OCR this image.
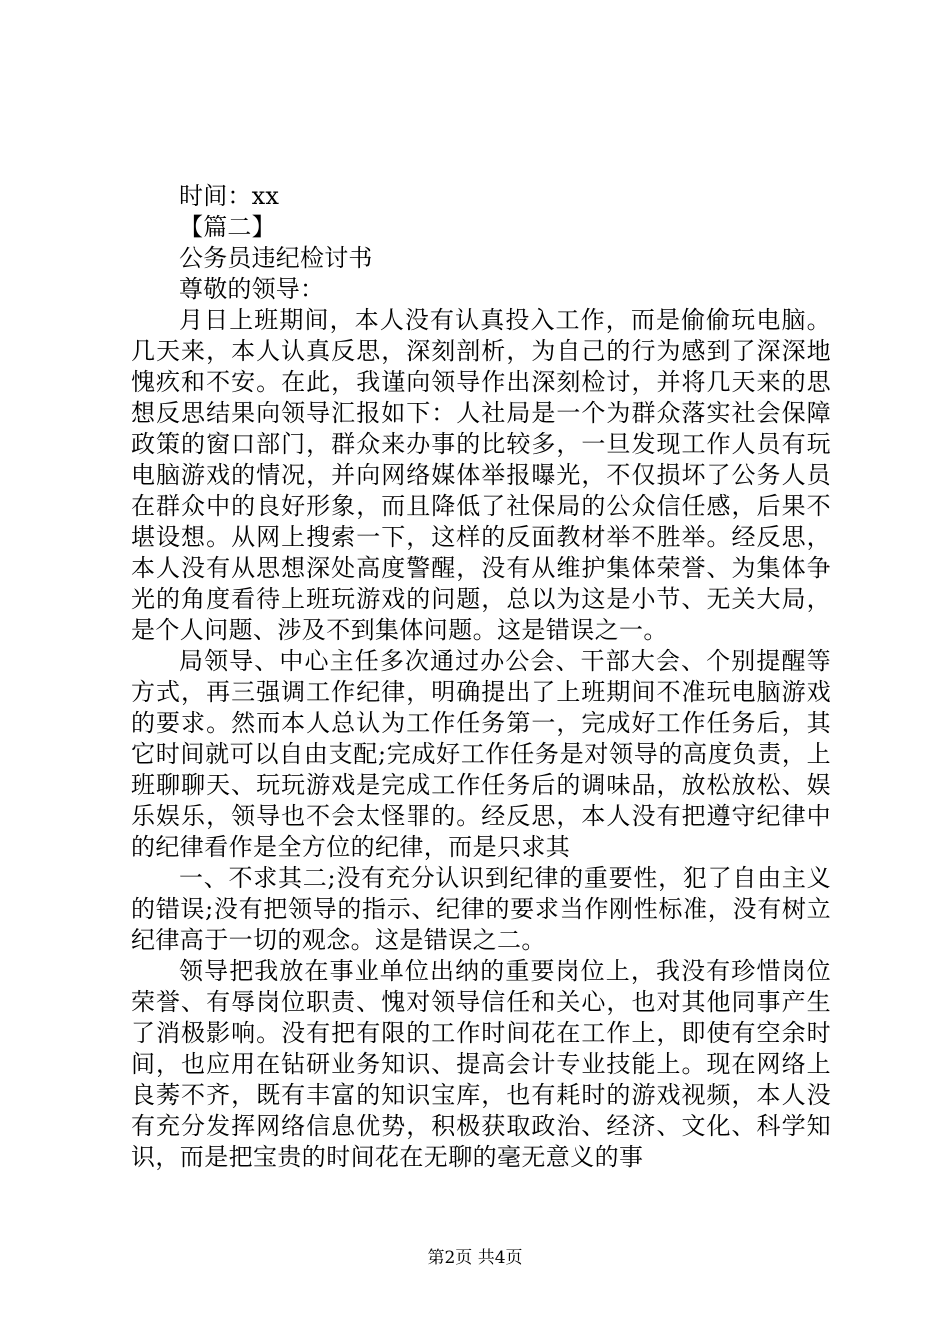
时间：xx
【篇二】
公务员违纪检讨书
尊敬的领导：

月日上班期间，本人没有认真投入工作，而是偷偷玩电脑。几天来，本人认真反思，深刻剖析，为自己的行为感到了深深地愧疚和不安。在此，我谨向领导作出深刻检讨，并将几天来的思想反思结果向领导汇报如下：人社局是一个为群众落实社会保障政策的窗口部门，群众来办事的比较多，一旦发现工作人员有玩电脑游戏的情况，并向网络媒体举报曝光，不仅损坏了公务人员在群众中的良好形象，而且降低了社保局的公众信任感，后果不堪设想。从网上搜索一下，这样的反面教材举不胜举。经反思，本人没有从思想深处高度警醒，没有从维护集体荣誉、为集体争光的角度看待上班玩游戏的问题，总以为这是小节、无关大局，是个人问题、涉及不到集体问题。这是错误之一。

局领导、中心主任多次通过办公会、干部大会、个别提醒等方式，再三强调工作纪律，明确提出了上班期间不准玩电脑游戏的要求。然而本人总认为工作任务第一，完成好工作任务后，其它时间就可以自由支配;完成好工作任务是对领导的高度负责，上班聊聊天、玩玩游戏是完成工作任务后的调味品，放松放松、娱乐娱乐，领导也不会太怪罪的。经反思，本人没有把遵守纪律中的纪律看作是全方位的纪律，而是只求其

一、不求其二;没有充分认识到纪律的重要性，犯了自由主义的错误;没有把领导的指示、纪律的要求当作刚性标准，没有树立纪律高于一切的观念。这是错误之二。

领导把我放在事业单位出纳的重要岗位上，我没有珍惜岗位荣誉、有辱岗位职责、愧对领导信任和关心，也对其他同事产生了消极影响。没有把有限的工作时间花在工作上，即使有空余时间，也应用在钻研业务知识、提高会计专业技能上。现在网络上良莠不齐，既有丰富的知识宝库，也有耗时的游戏视频，本人没有充分发挥网络信息优势，积极获取政治、经济、文化、科学知识，而是把宝贵的时间花在无聊的毫无意义的事

第2页 共4页
